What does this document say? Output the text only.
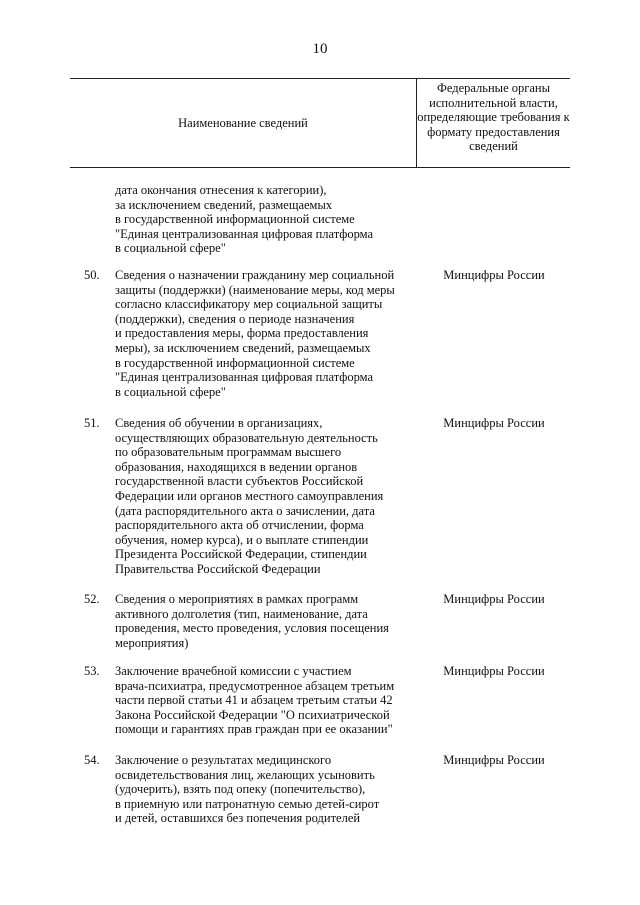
10
Наименование сведений
Федеральные органы исполнительной власти, определяющие требования к формату предоставления сведений
дата окончания отнесения к категории),
за исключением сведений, размещаемых
в государственной информационной системе
"Единая централизованная цифровая платформа
в социальной сфере"
50. Сведения о назначении гражданину мер социальной
защиты (поддержки) (наименование меры, код меры
согласно классификатору мер социальной защиты
(поддержки), сведения о периоде назначения
и предоставления меры, форма предоставления
меры), за исключением сведений, размещаемых
в государственной информационной системе
"Единая централизованная цифровая платформа
в социальной сфере"
Минцифры России
51. Сведения об обучении в организациях,
осуществляющих образовательную деятельность
по образовательным программам высшего
образования, находящихся в ведении органов
государственной власти субъектов Российской
Федерации или органов местного самоуправления
(дата распорядительного акта о зачислении, дата
распорядительного акта об отчислении, форма
обучения, номер курса), и о выплате стипендии
Президента Российской Федерации, стипендии
Правительства Российской Федерации
Минцифры России
52. Сведения о мероприятиях в рамках программ
активного долголетия (тип, наименование, дата
проведения, место проведения, условия посещения
мероприятия)
Минцифры России
53. Заключение врачебной комиссии с участием
врача-психиатра, предусмотренное абзацем третьим
части первой статьи 41 и абзацем третьим статьи 42
Закона Российской Федерации "О психиатрической
помощи и гарантиях прав граждан при ее оказании"
Минцифры России
54. Заключение о результатах медицинского
освидетельствования лиц, желающих усыновить
(удочерить), взять под опеку (попечительство),
в приемную или патронатную семью детей-сирот
и детей, оставшихся без попечения родителей
Минцифры России
